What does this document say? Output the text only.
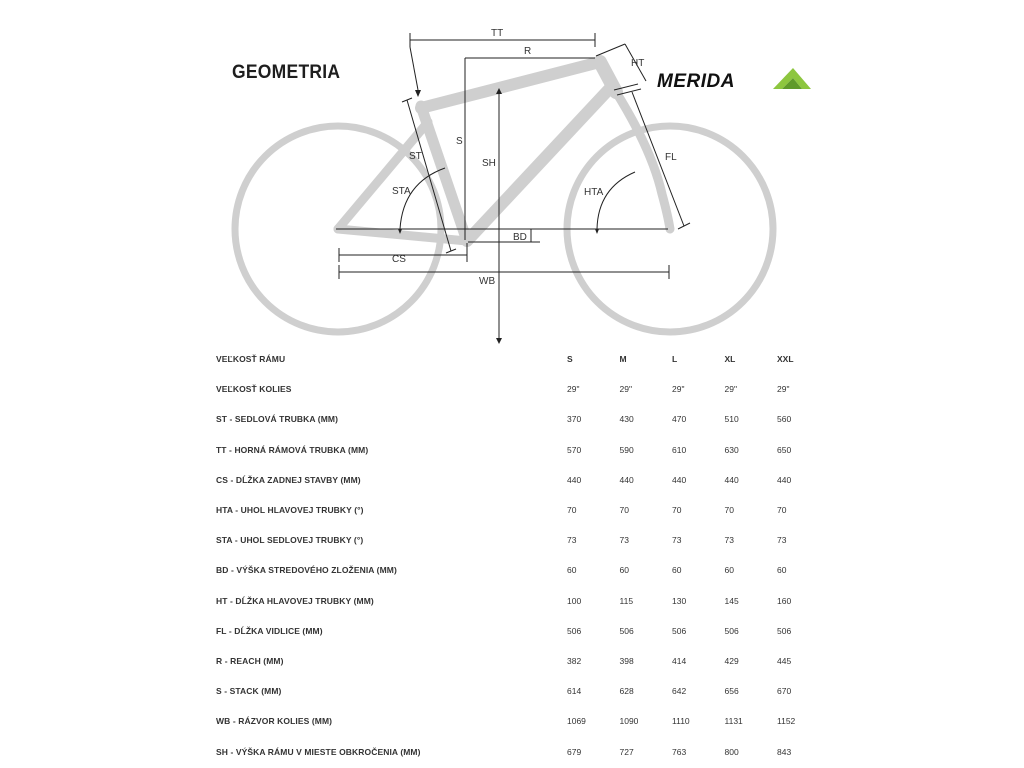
GEOMETRIA
TT
R
HT
S
ST
SH
FL
STA	HTA
BD
CS
WB
MERIDA
VEĽKOSŤ RÁMU	S	M	L	XL	XXL
VEĽKOSŤ KOLIES	29"	29"	29"	29"	29"
ST - SEDLOVÁ TRUBKA (MM)	370	430	470	510	560
TT - HORNÁ RÁMOVÁ TRUBKA (MM)	570	590	610	630	650
CS - DĹŽKA ZADNEJ STAVBY (MM)	440	440	440	440	440
HTA - UHOL HLAVOVEJ TRUBKY (°)	70	70	70	70	70
STA - UHOL SEDLOVEJ TRUBKY (°)	73	73	73	73	73
BD - VÝŠKA STREDOVÉHO ZLOŽENIA (MM)	60	60	60	60	60
HT - DĹŽKA HLAVOVEJ TRUBKY (MM)	100	115	130	145	160
FL - DĹŽKA VIDLICE (MM)	506	506	506	506	506
R - REACH (MM)	382	398	414	429	445
S - STACK (MM)	614	628	642	656	670
WB - RÁZVOR KOLIES (MM)	1069	1090	1110	1131	1152
SH - VÝŠKA RÁMU V MIESTE OBKROČENIA (MM)	679	727	763	800	843
